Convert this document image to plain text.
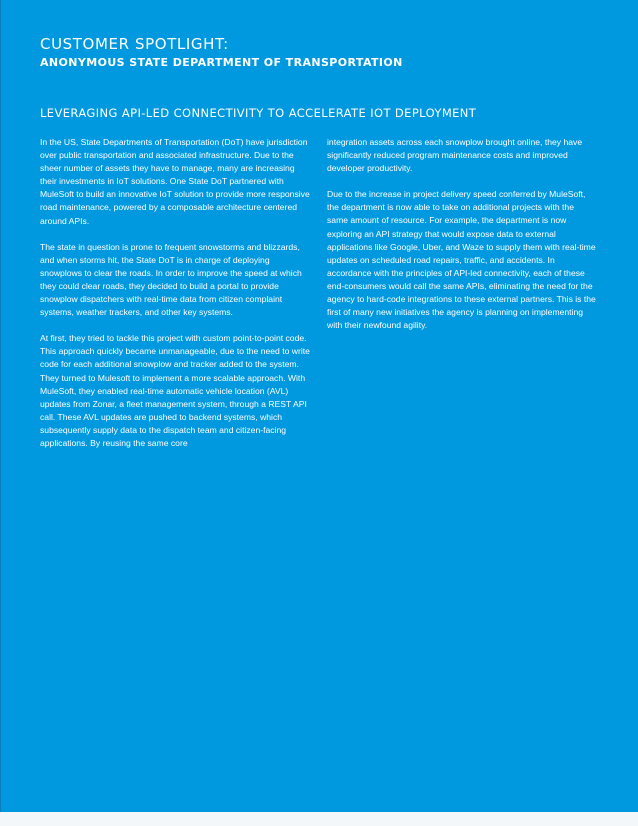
CUSTOMER SPOTLIGHT:
ANONYMOUS STATE DEPARTMENT OF TRANSPORTATION
LEVERAGING API-LED CONNECTIVITY TO ACCELERATE IOT DEPLOYMENT

In the US, State Departments of Transportation (DoT) have jurisdiction over public transportation and associated infrastructure. Due to the sheer number of assets they have to manage, many are increasing their investments in IoT solutions. One State DoT partnered with MuleSoft to build an innovative IoT solution to provide more responsive road maintenance, powered by a composable architecture centered around APIs.

The state in question is prone to frequent snowstorms and blizzards, and when storms hit, the State DoT is in charge of deploying snowplows to clear the roads. In order to improve the speed at which they could clear roads, they decided to build a portal to provide snowplow dispatchers with real-time data from citizen complaint systems, weather trackers, and other key systems.

At first, they tried to tackle this project with custom point-to-point code. This approach quickly became unmanageable, due to the need to write code for each additional snowplow and tracker added to the system. They turned to Mulesoft to implement a more scalable approach. With MuleSoft, they enabled real-time automatic vehicle location (AVL) updates from Zonar, a fleet management system, through a REST API call. These AVL updates are pushed to backend systems, which subsequently supply data to the dispatch team and citizen-facing applications. By reusing the same core

integration assets across each snowplow brought online, they have significantly reduced program maintenance costs and improved developer productivity.

Due to the increase in project delivery speed conferred by MuleSoft, the department is now able to take on additional projects with the same amount of resource. For example, the department is now exploring an API strategy that would expose data to external applications like Google, Uber, and Waze to supply them with real-time updates on scheduled road repairs, traffic, and accidents. In accordance with the principles of API-led connectivity, each of these end-consumers would call the same APIs, eliminating the need for the agency to hard-code integrations to these external partners. This is the first of many new initiatives the agency is planning on implementing with their newfound agility.
